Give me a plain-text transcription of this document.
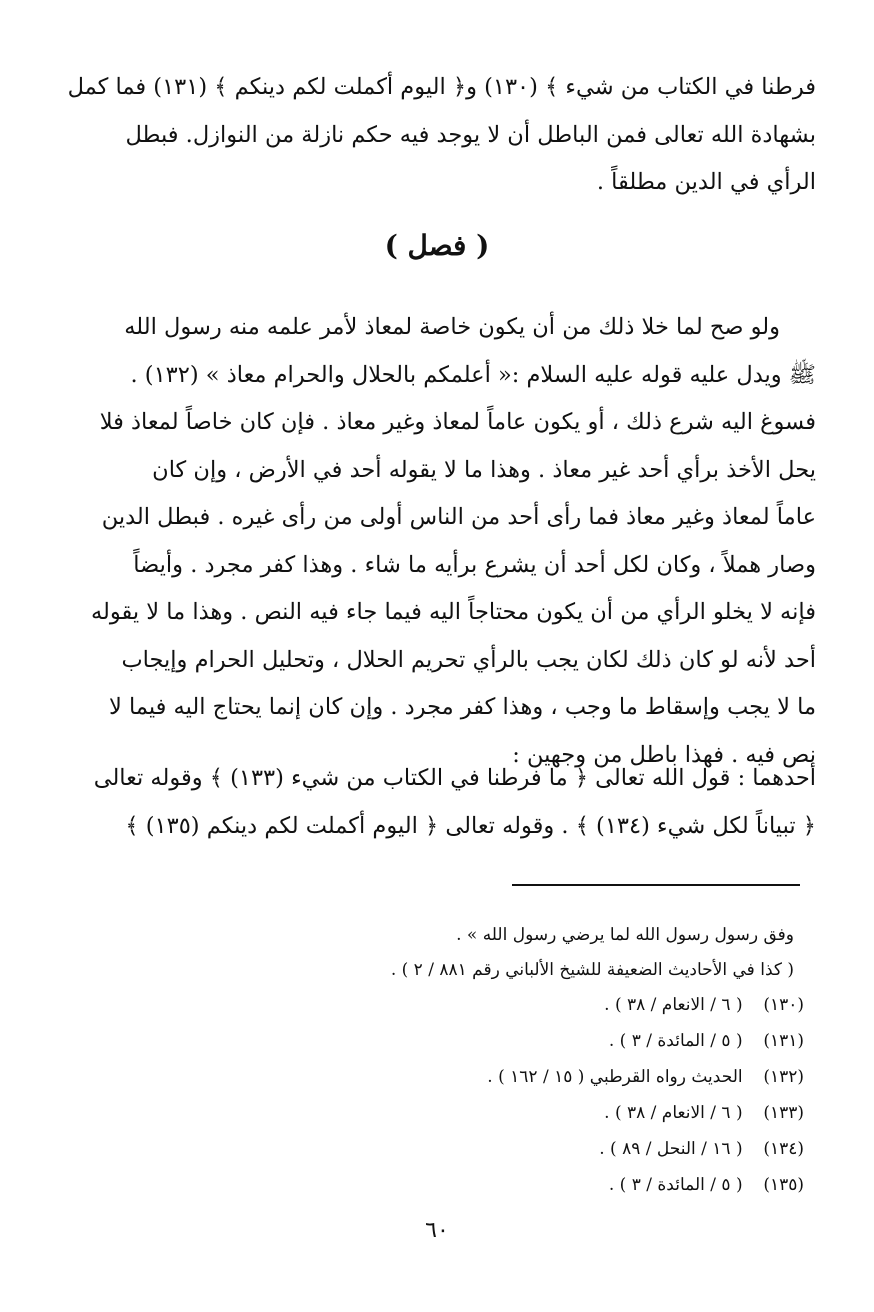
فرطنا في الكتاب من شيء ﴾ (١٣٠) و﴿ اليوم أكملت لكم دينكم ﴾ (١٣١) فما كمل
بشهادة الله تعالى فمن الباطل أن لا يوجد فيه حكم نازلة من النوازل. فبطل
الرأي في الدين مطلقاً .
( فصل )
ولو صح لما خلا ذلك من أن يكون خاصة لمعاذ لأمر علمه منه رسول الله
ﷺ ويدل عليه قوله عليه السلام :« أعلمكم بالحلال والحرام معاذ » (١٣٢) .
فسوغ اليه شرع ذلك ، أو يكون عاماً لمعاذ وغير معاذ . فإن كان خاصاً لمعاذ فلا
يحل الأخذ برأي أحد غير معاذ . وهذا ما لا يقوله أحد في الأرض ، وإن كان
عاماً لمعاذ وغير معاذ فما رأى أحد من الناس أولى من رأى غيره . فبطل الدين
وصار هملاً ، وكان لكل أحد أن يشرع برأيه ما شاء . وهذا كفر مجرد . وأيضاً
فإنه لا يخلو الرأي من أن يكون محتاجاً اليه فيما جاء فيه النص . وهذا ما لا يقوله
أحد لأنه لو كان ذلك لكان يجب بالرأي تحريم الحلال ، وتحليل الحرام وإيجاب
ما لا يجب وإسقاط ما وجب ، وهذا كفر مجرد . وإن كان إنما يحتاج اليه فيما لا
نص فيه . فهذا باطل من وجهين :
أحدهما : قول الله تعالى ﴿ ما فرطنا في الكتاب من شيء (١٣٣) ﴾ وقوله تعالى
﴿ تبياناً لكل شيء (١٣٤) ﴾ . وقوله تعالى ﴿ اليوم أكملت لكم دينكم (١٣٥) ﴾
وفق رسول رسول الله لما يرضي رسول الله » .
( كذا في الأحاديث الضعيفة للشيخ الألباني رقم ٨٨١ / ٢ ) .
(١٣٠) ( ٦ / الانعام / ٣٨ ) .
(١٣١) ( ٥ / المائدة / ٣ ) .
(١٣٢) الحديث رواه القرطبي ( ١٥ / ١٦٢ ) .
(١٣٣) ( ٦ / الانعام / ٣٨ ) .
(١٣٤) ( ١٦ / النحل / ٨٩ ) .
(١٣٥) ( ٥ / المائدة / ٣ ) .
٦٠
